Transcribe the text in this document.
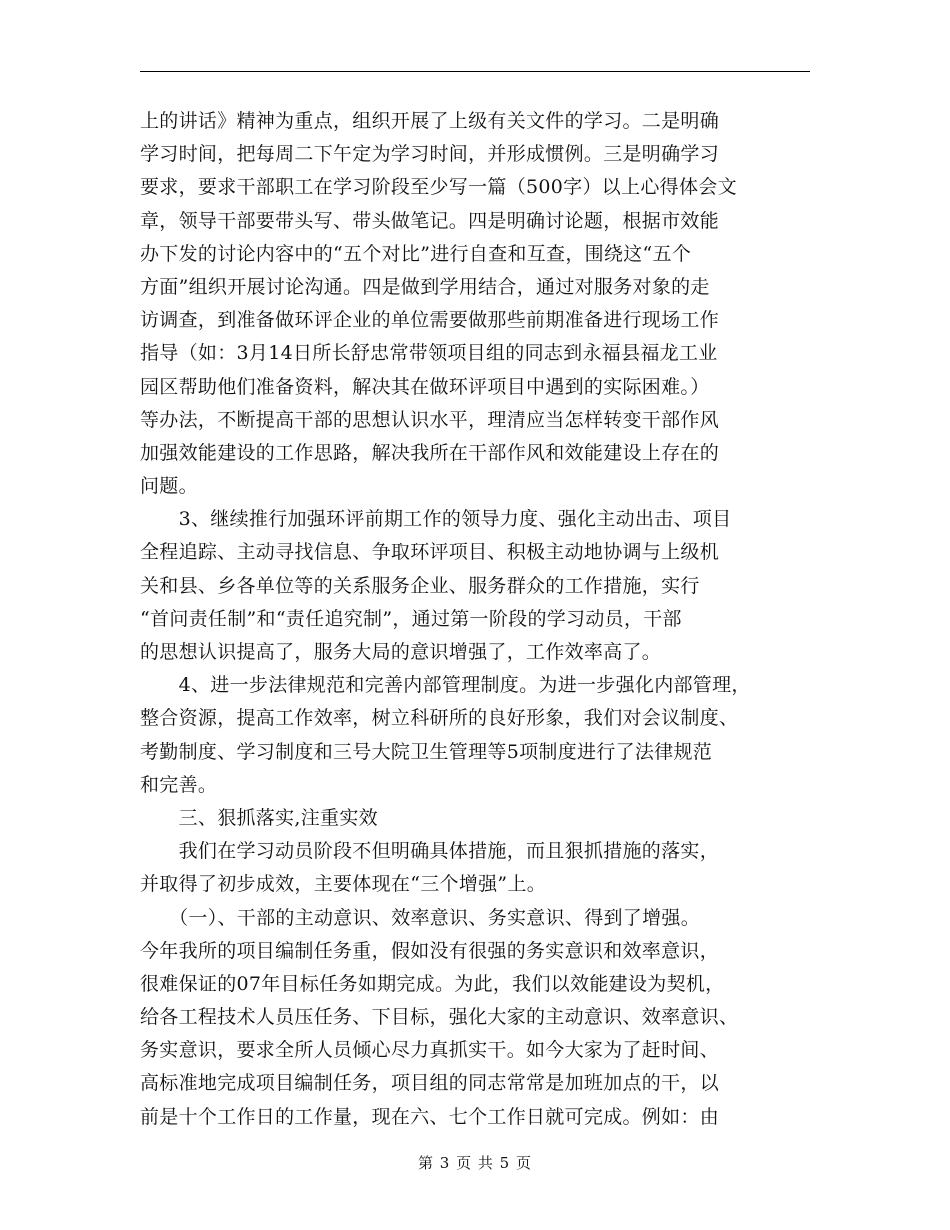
上的讲话》精神为重点，组织开展了上级有关文件的学习。二是明确
学习时间，把每周二下午定为学习时间，并形成惯例。三是明确学习
要求，要求干部职工在学习阶段至少写一篇（500字）以上心得体会文
章，领导干部要带头写、带头做笔记。四是明确讨论题，根据市效能
办下发的讨论内容中的“五个对比”进行自查和互查，围绕这“五个
方面”组织开展讨论沟通。四是做到学用结合，通过对服务对象的走
访调查，到准备做环评企业的单位需要做那些前期准备进行现场工作
指导（如：3月14日所长舒忠常带领项目组的同志到永福县福龙工业
园区帮助他们准备资料，解决其在做环评项目中遇到的实际困难。）
等办法，不断提高干部的思想认识水平，理清应当怎样转变干部作风
加强效能建设的工作思路，解决我所在干部作风和效能建设上存在的
问题。
　　3、继续推行加强环评前期工作的领导力度、强化主动出击、项目
全程追踪、主动寻找信息、争取环评项目、积极主动地协调与上级机
关和县、乡各单位等的关系服务企业、服务群众的工作措施，实行
“首问责任制”和“责任追究制”，通过第一阶段的学习动员，干部
的思想认识提高了，服务大局的意识增强了，工作效率高了。
　　4、进一步法律规范和完善内部管理制度。为进一步强化内部管理，
整合资源，提高工作效率，树立科研所的良好形象，我们对会议制度、
考勤制度、学习制度和三号大院卫生管理等5项制度进行了法律规范
和完善。
　　三、狠抓落实,注重实效
　　我们在学习动员阶段不但明确具体措施，而且狠抓措施的落实，
并取得了初步成效，主要体现在“三个增强”上。
　　（一）、干部的主动意识、效率意识、务实意识、得到了增强。
今年我所的项目编制任务重，假如没有很强的务实意识和效率意识，
很难保证的07年目标任务如期完成。为此，我们以效能建设为契机，
给各工程技术人员压任务、下目标，强化大家的主动意识、效率意识、
务实意识，要求全所人员倾心尽力真抓实干。如今大家为了赶时间、
高标准地完成项目编制任务，项目组的同志常常是加班加点的干，以
前是十个工作日的工作量，现在六、七个工作日就可完成。例如：由
第 3 页 共 5 页
